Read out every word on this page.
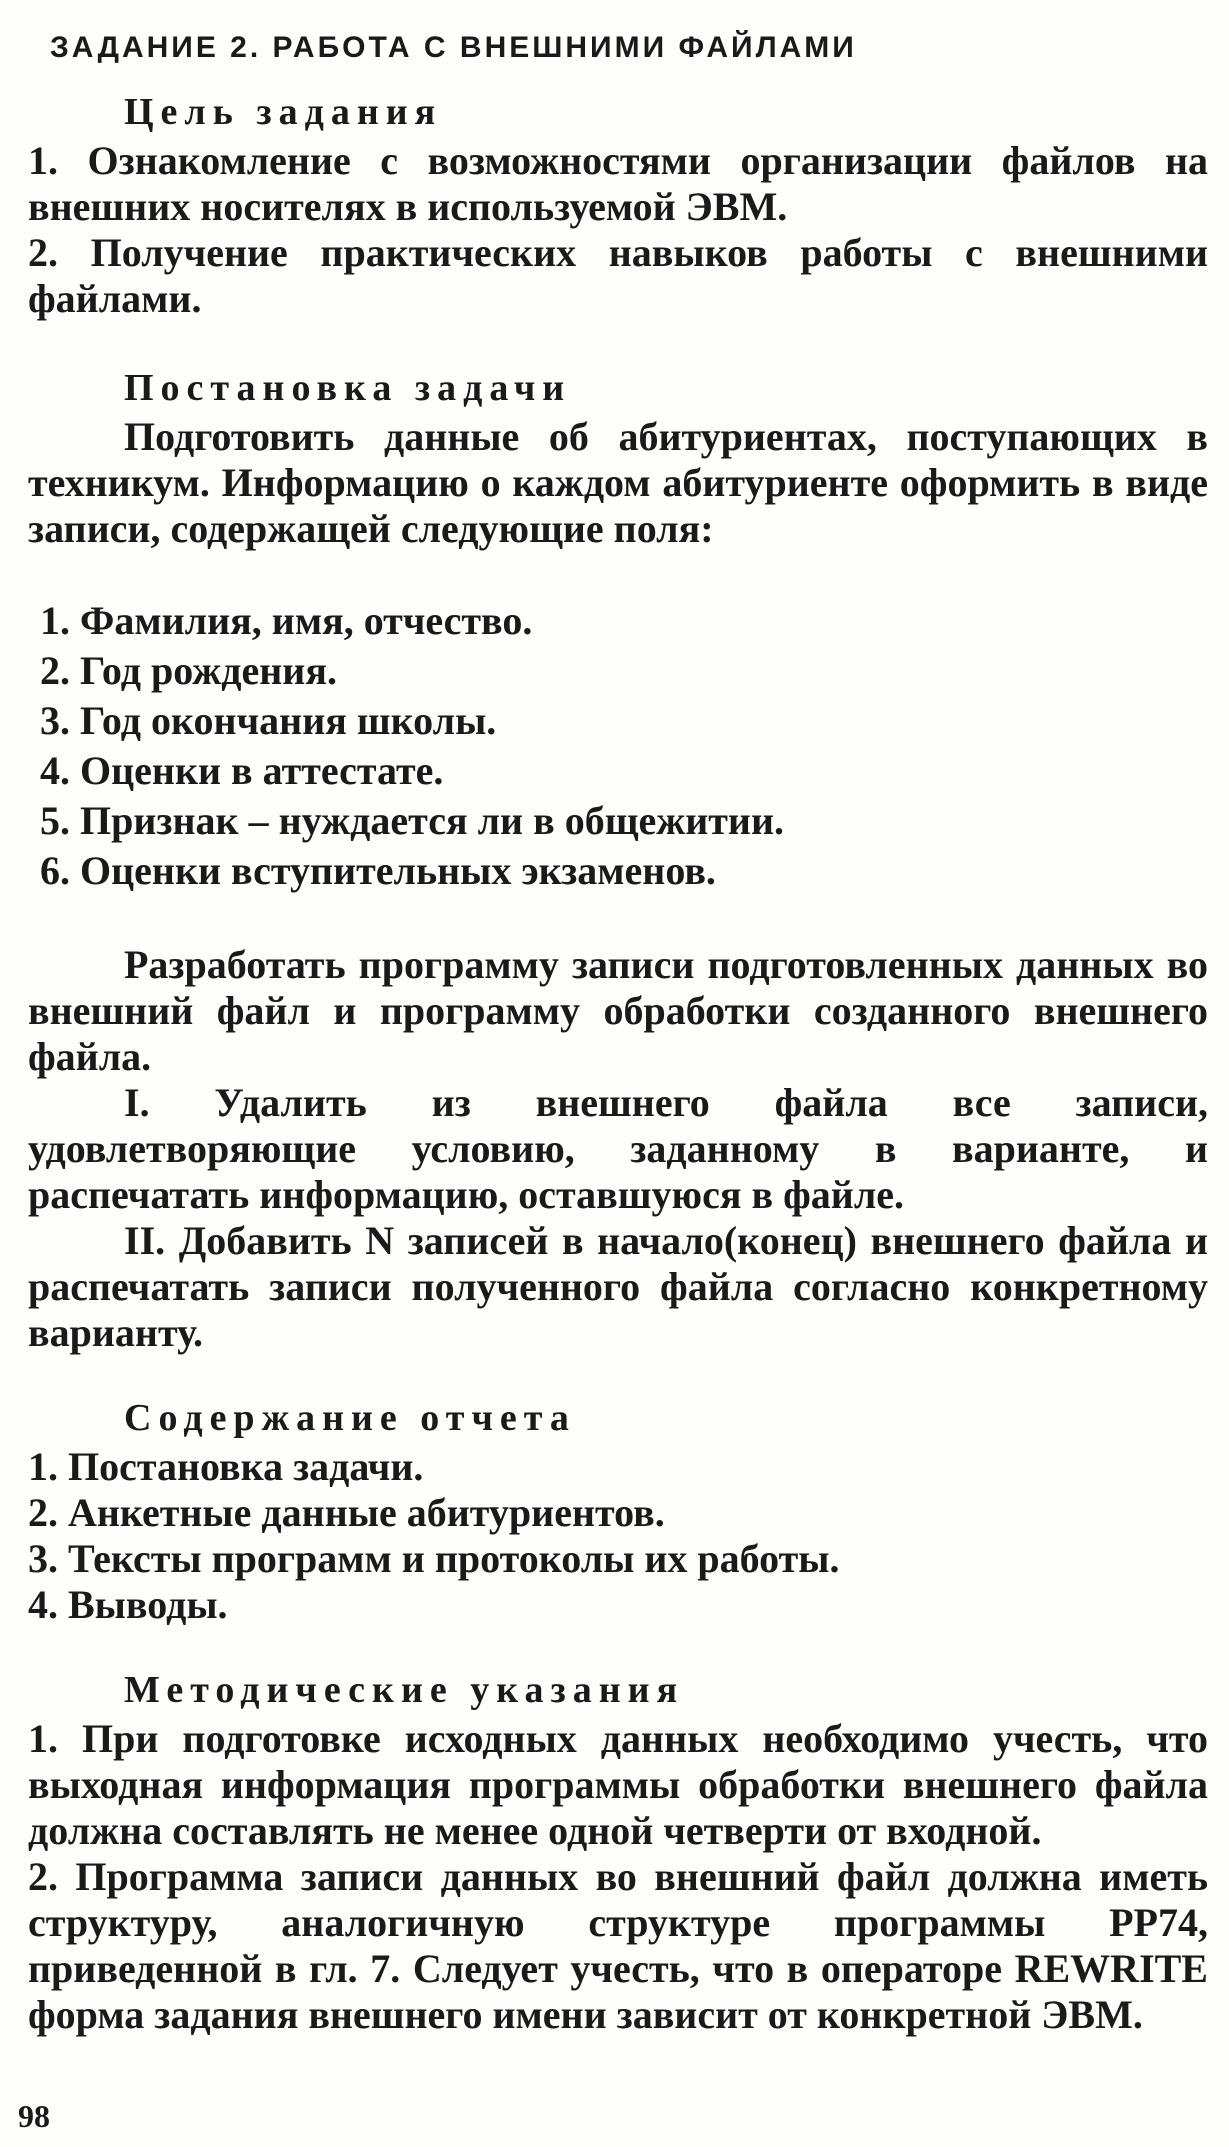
ЗАДАНИЕ 2. РАБОТА С ВНЕШНИМИ ФАЙЛАМИ
Цель задания

1. Ознакомление с возможностями организации файлов на внешних носителях в используемой ЭВМ.

2. Получение практических навыков работы с внешними файлами.

Постановка задачи

Подготовить данные об абитуриентах, поступающих в техникум. Информацию о каждом абитуриенте оформить в виде записи, содержащей следующие поля:

1. Фамилия, имя, отчество.
2. Год рождения.
3. Год окончания школы.
4. Оценки в аттестате.
5. Признак – нуждается ли в общежитии.
6. Оценки вступительных экзаменов.

Разработать программу записи подготовленных данных во внешний файл и программу обработки созданного внешнего файла.

I. Удалить из внешнего файла все записи, удовлетворяющие условию, заданному в варианте, и распечатать информацию, оставшуюся в файле.

II. Добавить N записей в начало(конец) внешнего файла и распечатать записи полученного файла согласно конкретному варианту.

Содержание отчета

1. Постановка задачи.

2. Анкетные данные абитуриентов.

3. Тексты программ и протоколы их работы.

4. Выводы.

Методические указания

1. При подготовке исходных данных необходимо учесть, что выходная информация программы обработки внешнего файла должна составлять не менее одной четверти от входной.

2. Программа записи данных во внешний файл должна иметь структуру, аналогичную структуре программы PP74, приведенной в гл. 7. Следует учесть, что в операторе REWRITE форма задания внешнего имени зависит от конкретной ЭВМ.

98
